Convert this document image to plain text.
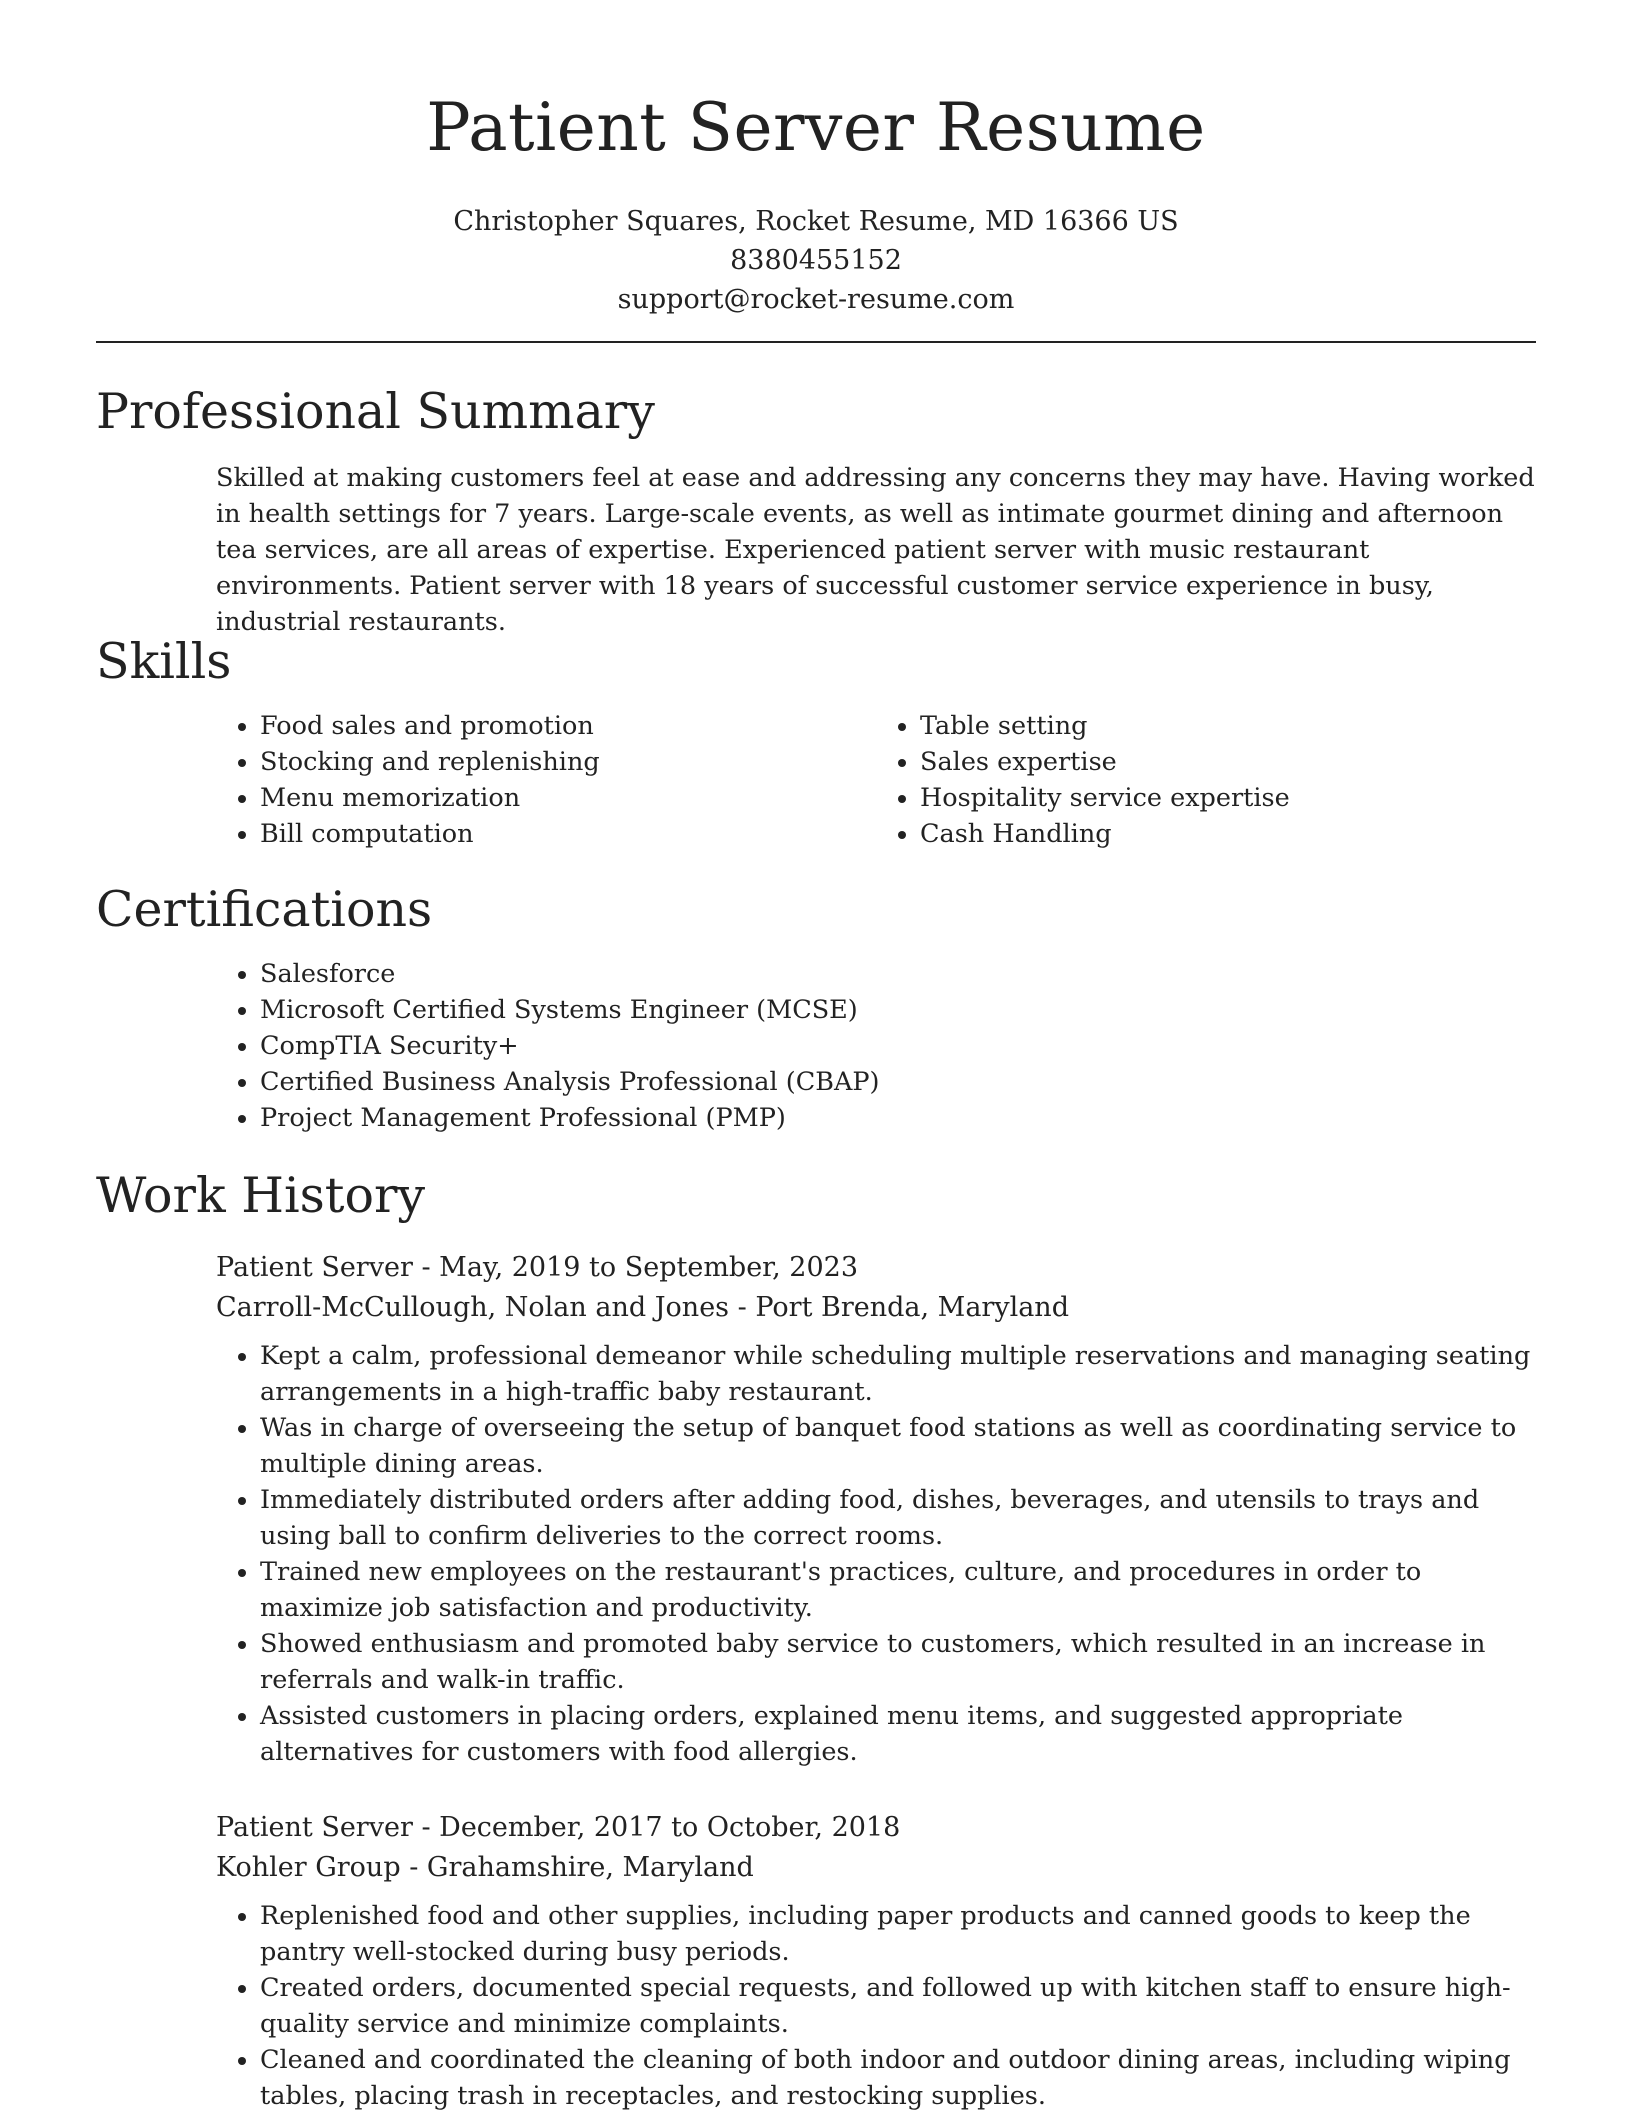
Patient Server Resume
Christopher Squares, Rocket Resume, MD 16366 US
8380455152
support@rocket-resume.com
Professional Summary

Skilled at making customers feel at ease and addressing any concerns they may have. Having worked in health settings for 7 years. Large-scale events, as well as intimate gourmet dining and afternoon tea services, are all areas of expertise. Experienced patient server with music restaurant environments. Patient server with 18 years of successful customer service experience in busy, industrial restaurants.

Skills
• Food sales and promotion
• Stocking and replenishing
• Menu memorization
• Bill computation
• Table setting
• Sales expertise
• Hospitality service expertise
• Cash Handling
Certifications
• Salesforce
• Microsoft Certified Systems Engineer (MCSE)
• CompTIA Security+
• Certified Business Analysis Professional (CBAP)
• Project Management Professional (PMP)
Work History
Patient Server - May, 2019 to September, 2023
Carroll-McCullough, Nolan and Jones - Port Brenda, Maryland
• Kept a calm, professional demeanor while scheduling multiple reservations and managing seating arrangements in a high-traffic baby restaurant.
• Was in charge of overseeing the setup of banquet food stations as well as coordinating service to multiple dining areas.
• Immediately distributed orders after adding food, dishes, beverages, and utensils to trays and using ball to confirm deliveries to the correct rooms.
• Trained new employees on the restaurant's practices, culture, and procedures in order to maximize job satisfaction and productivity.
• Showed enthusiasm and promoted baby service to customers, which resulted in an increase in referrals and walk-in traffic.
• Assisted customers in placing orders, explained menu items, and suggested appropriate alternatives for customers with food allergies.
Patient Server - December, 2017 to October, 2018
Kohler Group - Grahamshire, Maryland
• Replenished food and other supplies, including paper products and canned goods to keep the pantry well-stocked during busy periods.
• Created orders, documented special requests, and followed up with kitchen staff to ensure high-quality service and minimize complaints.
• Cleaned and coordinated the cleaning of both indoor and outdoor dining areas, including wiping tables, placing trash in receptacles, and restocking supplies.
